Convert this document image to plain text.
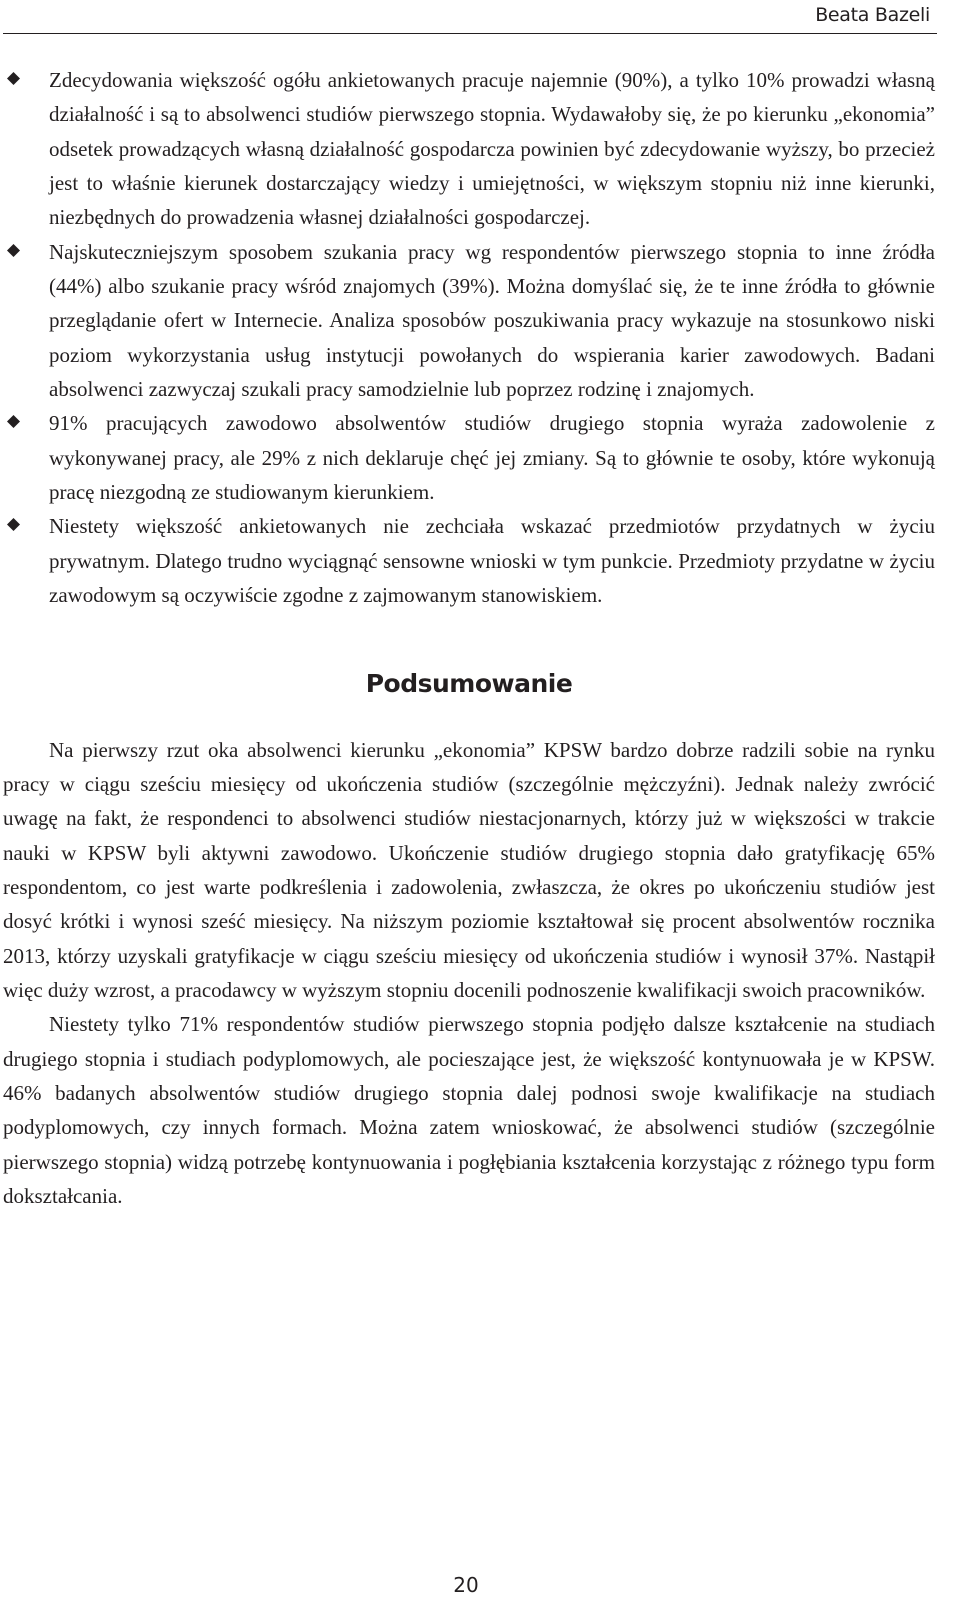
Beata Bazeli
Zdecydowania większość ogółu ankietowanych pracuje najemnie (90%), a tylko 10% prowadzi własną działalność i są to absolwenci studiów pierwszego stopnia. Wydawałoby się, że po kierunku „ekonomia” odsetek prowadzących własną działalność gospodarcza powinien być zdecydowanie wyższy, bo przecież jest to właśnie kierunek dostarczający wiedzy i umiejętności, w większym stopniu niż inne kierunki, niezbędnych do prowadzenia własnej działalności gospodarczej.
Najskuteczniejszym sposobem szukania pracy wg respondentów pierwszego stopnia to inne źródła (44%) albo szukanie pracy wśród znajomych (39%). Można domyślać się, że te inne źródła to głównie przeglądanie ofert w Internecie. Analiza sposobów poszukiwania pracy wykazuje na stosunkowo niski poziom wykorzystania usług instytucji powołanych do wspierania karier zawodowych. Badani absolwenci zazwyczaj szukali pracy samodzielnie lub poprzez rodzinę i znajomych.
91% pracujących zawodowo absolwentów studiów drugiego stopnia wyraża zadowolenie z wykonywanej pracy, ale 29% z nich deklaruje chęć jej zmiany. Są to głównie te osoby, które wykonują pracę niezgodną ze studiowanym kierunkiem.
Niestety większość ankietowanych nie zechciała wskazać przedmiotów przydatnych w życiu prywatnym. Dlatego trudno wyciągnąć sensowne wnioski w tym punkcie. Przedmioty przydatne w życiu zawodowym są oczywiście zgodne z zajmowanym stanowiskiem.
Podsumowanie

Na pierwszy rzut oka absolwenci kierunku „ekonomia” KPSW bardzo dobrze radzili sobie na rynku pracy w ciągu sześciu miesięcy od ukończenia studiów (szczególnie mężczyźni). Jednak należy zwrócić uwagę na fakt, że respondenci to absolwenci studiów niestacjonarnych, którzy już w większości w trakcie nauki w KPSW byli aktywni zawodowo. Ukończenie studiów drugiego stopnia dało gratyfikację 65% respondentom, co jest warte podkreślenia i zadowolenia, zwłaszcza, że okres po ukończeniu studiów jest dosyć krótki i wynosi sześć miesięcy. Na niższym poziomie kształtował się procent absolwentów rocznika 2013, którzy uzyskali gratyfikacje w ciągu sześciu miesięcy od ukończenia studiów i wynosił 37%. Nastąpił więc duży wzrost, a pracodawcy w wyższym stopniu docenili podnoszenie kwalifikacji swoich pracowników.

Niestety tylko 71% respondentów studiów pierwszego stopnia podjęło dalsze kształcenie na studiach drugiego stopnia i studiach podyplomowych, ale pocieszające jest, że większość kontynuowała je w KPSW. 46% badanych absolwentów studiów drugiego stopnia dalej podnosi swoje kwalifikacje na studiach podyplomowych, czy innych formach. Można zatem wnioskować, że absolwenci studiów (szczególnie pierwszego stopnia) widzą potrzebę kontynuowania i pogłębiania kształcenia korzystając z różnego typu form dokształcania.

20
